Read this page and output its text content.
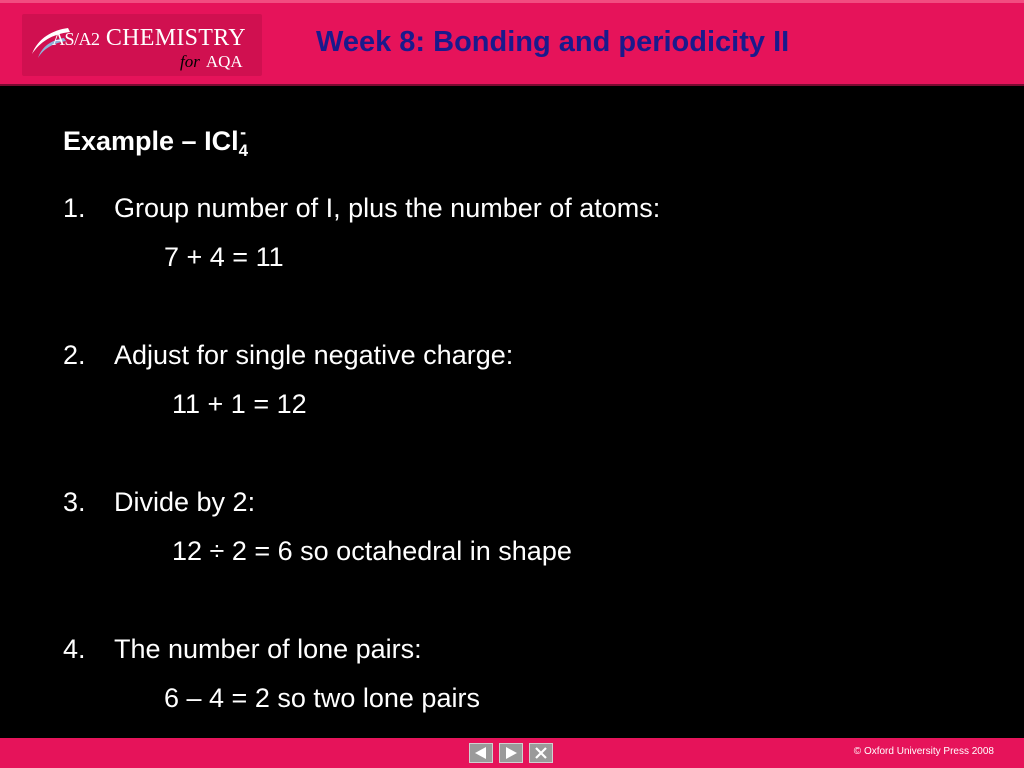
AS/A2 CHEMISTRY
for AQA
Week 8: Bonding and periodicity II
Example – ICl$_4$-
1. Group number of I, plus the number of atoms:
7 + 4 = 11
2. Adjust for single negative charge:
11 + 1 = 12
3. Divide by 2:
12 ÷ 2 = 6 so octahedral in shape
4. The number of lone pairs:
6 – 4 = 2 so two lone pairs
© Oxford University Press 2008
